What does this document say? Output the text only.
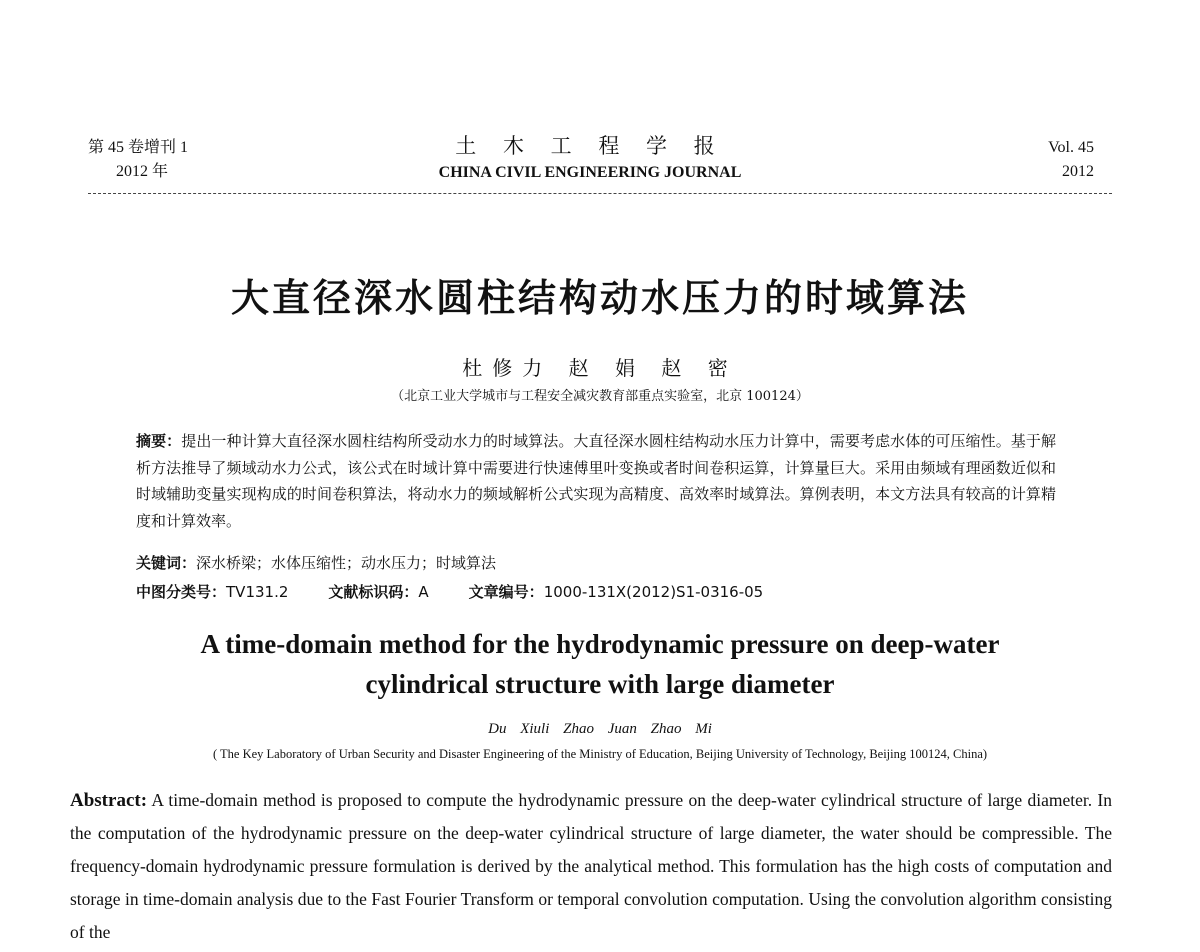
第 45 卷增刊 1
2012 年
土 木 工 程 学 报
CHINA CIVIL ENGINEERING JOURNAL
Vol. 45
2012
大直径深水圆柱结构动水压力的时域算法
杜修力 赵 娟 赵 密
（北京工业大学城市与工程安全减灾教育部重点实验室，北京 100124）
摘要：提出一种计算大直径深水圆柱结构所受动水力的时域算法。大直径深水圆柱结构动水压力计算中，需要考虑水体的可压缩性。基于解析方法推导了频域动水力公式，该公式在时域计算中需要进行快速傅里叶变换或者时间卷积运算，计算量巨大。采用由频域有理函数近似和时域辅助变量实现构成的时间卷积算法，将动水力的频域解析公式实现为高精度、高效率时域算法。算例表明，本文方法具有较高的计算精度和计算效率。
关键词：深水桥梁；水体压缩性；动水压力；时域算法
中图分类号：TV131.2	文献标识码：A	文章编号：1000-131X(2012)S1-0316-05
A time-domain method for the hydrodynamic pressure on deep-water
cylindrical structure with large diameter
Du Xiuli Zhao Juan Zhao Mi
( The Key Laboratory of Urban Security and Disaster Engineering of the Ministry of Education, Beijing University of Technology, Beijing 100124, China)
Abstract: A time-domain method is proposed to compute the hydrodynamic pressure on the deep-water cylindrical structure of large diameter. In the computation of the hydrodynamic pressure on the deep-water cylindrical structure of large diameter, the water should be compressible. The frequency-domain hydrodynamic pressure formulation is derived by the analytical method. This formulation has the high costs of computation and storage in time-domain analysis due to the Fast Fourier Transform or temporal convolution computation. Using the convolution algorithm consisting of the
